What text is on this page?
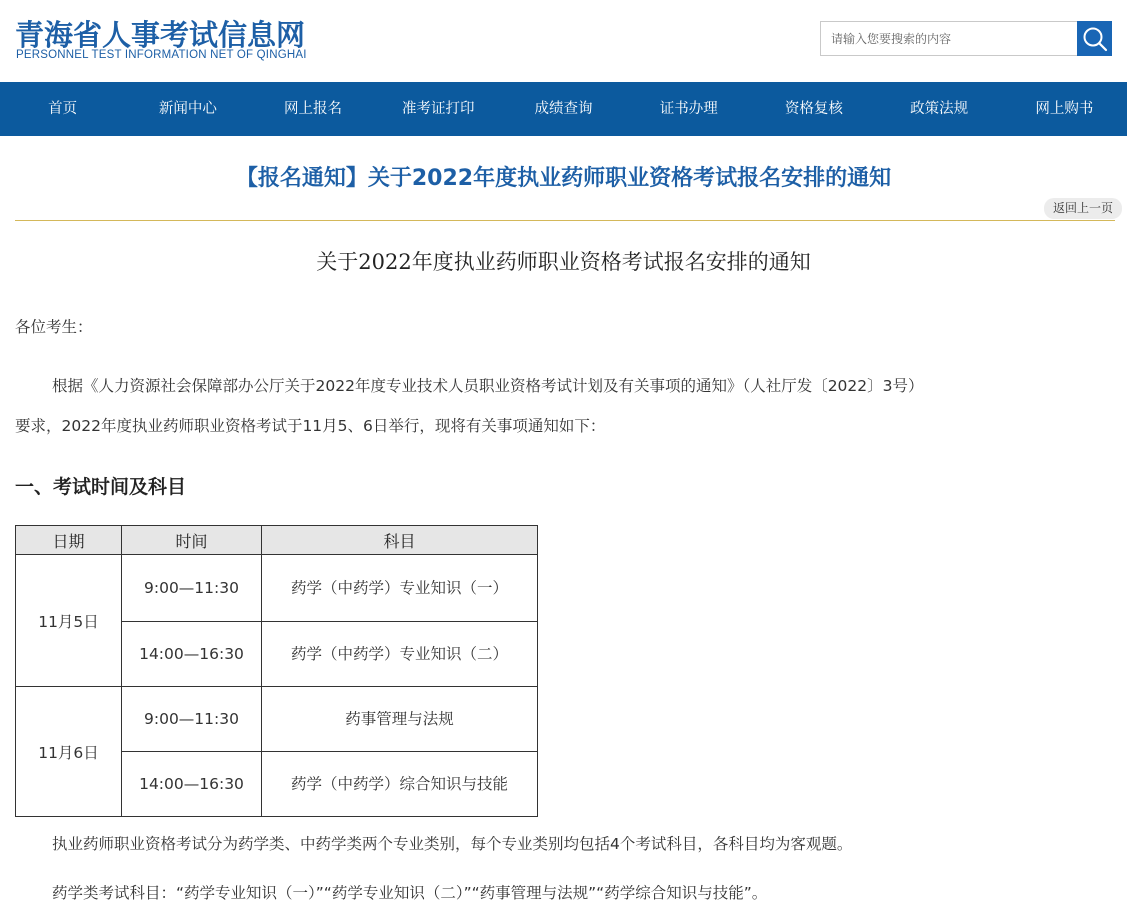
青海省人事考试信息网
PERSONNEL TEST INFORMATION NET OF QINGHAI
请输入您要搜索的内容
首页	新闻中心	网上报名	准考证打印	成绩查询	证书办理	资格复核	政策法规	网上购书
【报名通知】关于2022年度执业药师职业资格考试报名安排的通知
返回上一页
关于2022年度执业药师职业资格考试报名安排的通知
各位考生：
根据《人力资源社会保障部办公厅关于2022年度专业技术人员职业资格考试计划及有关事项的通知》（人社厅发〔2022〕3号）
要求，2022年度执业药师职业资格考试于11月5、6日举行，现将有关事项通知如下：
一、考试时间及科目
日期	时间	科目
11月5日	9:00—11:30	药学（中药学）专业知识（一）
	14:00—16:30	药学（中药学）专业知识（二）
11月6日	9:00—11:30	药事管理与法规
	14:00—16:30	药学（中药学）综合知识与技能
执业药师职业资格考试分为药学类、中药学类两个专业类别，每个专业类别均包括4个考试科目，各科目均为客观题。
药学类考试科目：“药学专业知识（一）”“药学专业知识（二）”“药事管理与法规”“药学综合知识与技能”。
